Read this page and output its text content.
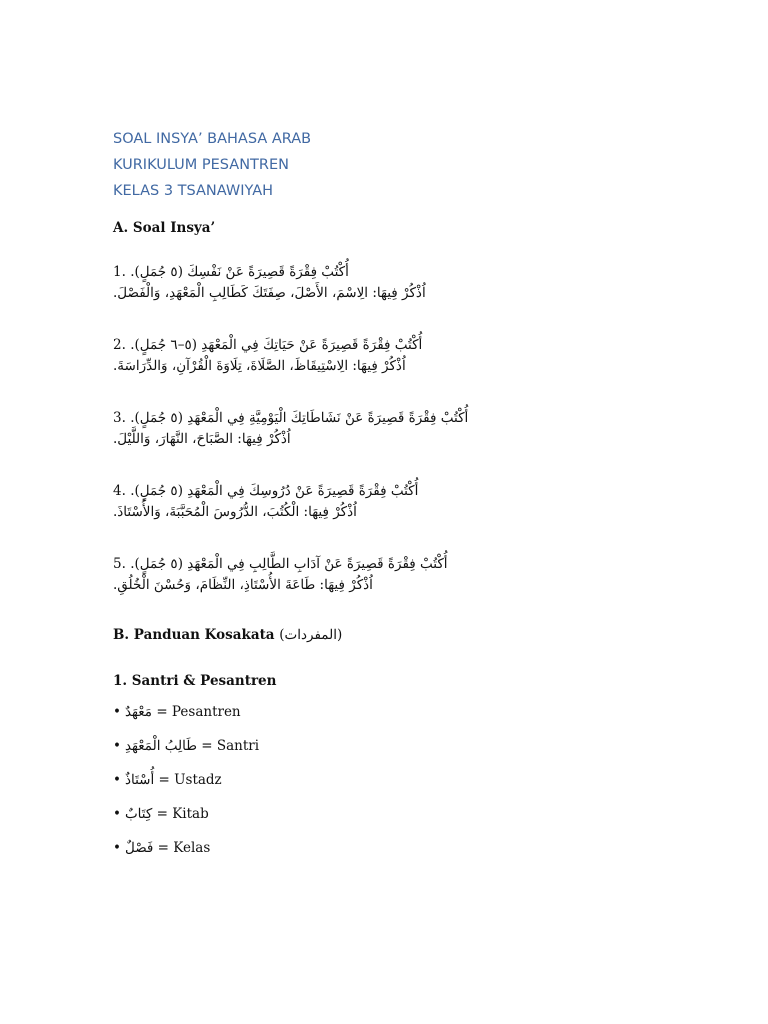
SOAL INSYA’ BAHASA ARAB

KURIKULUM PESANTREN

KELAS 3 TSANAWIYAH

A. Soal Insya’

1. أُكْتُبْ فِقْرَةً قَصِيرَةً عَنْ نَفْسِكَ (٥ جُمَلٍ).
اُذْكُرْ فِيهَا: الِاسْمَ، الأَصْلَ، صِفَتَكَ كَطَالِبِ الْمَعْهَدِ، وَالْفَصْلَ.
2. أُكْتُبْ فِقْرَةً قَصِيرَةً عَنْ حَيَاتِكَ فِي الْمَعْهَدِ (٥–٦ جُمَلٍ).
اُذْكُرْ فِيهَا: الِاسْتِيقَاظَ، الصَّلَاةَ، تِلَاوَةَ الْقُرْآنِ، وَالدِّرَاسَةَ.
3. أُكْتُبْ فِقْرَةً قَصِيرَةً عَنْ نَشَاطَاتِكَ الْيَوْمِيَّةِ فِي الْمَعْهَدِ (٥ جُمَلٍ).
اُذْكُرْ فِيهَا: الصَّبَاحَ، النَّهَارَ، وَاللَّيْلَ.
4. أُكْتُبْ فِقْرَةً قَصِيرَةً عَنْ دُرُوسِكَ فِي الْمَعْهَدِ (٥ جُمَلٍ).
اُذْكُرْ فِيهَا: الْكُتُبَ، الدُّرُوسَ الْمُحَبَّبَةَ، وَالأُسْتَاذَ.
5. أُكْتُبْ فِقْرَةً قَصِيرَةً عَنْ آدَابِ الطَّالِبِ فِي الْمَعْهَدِ (٥ جُمَلٍ).
اُذْكُرْ فِيهَا: طَاعَةَ الأُسْتَاذِ، النِّظَامَ، وَحُسْنَ الْخُلُقِ.

B. Panduan Kosakata (المفردات)

1. Santri & Pesantren

• مَعْهَدٌ = Pesantren
• طَالِبُ الْمَعْهَدِ = Santri
• أُسْتَاذٌ = Ustadz
• كِتَابٌ = Kitab
• فَصْلٌ = Kelas
